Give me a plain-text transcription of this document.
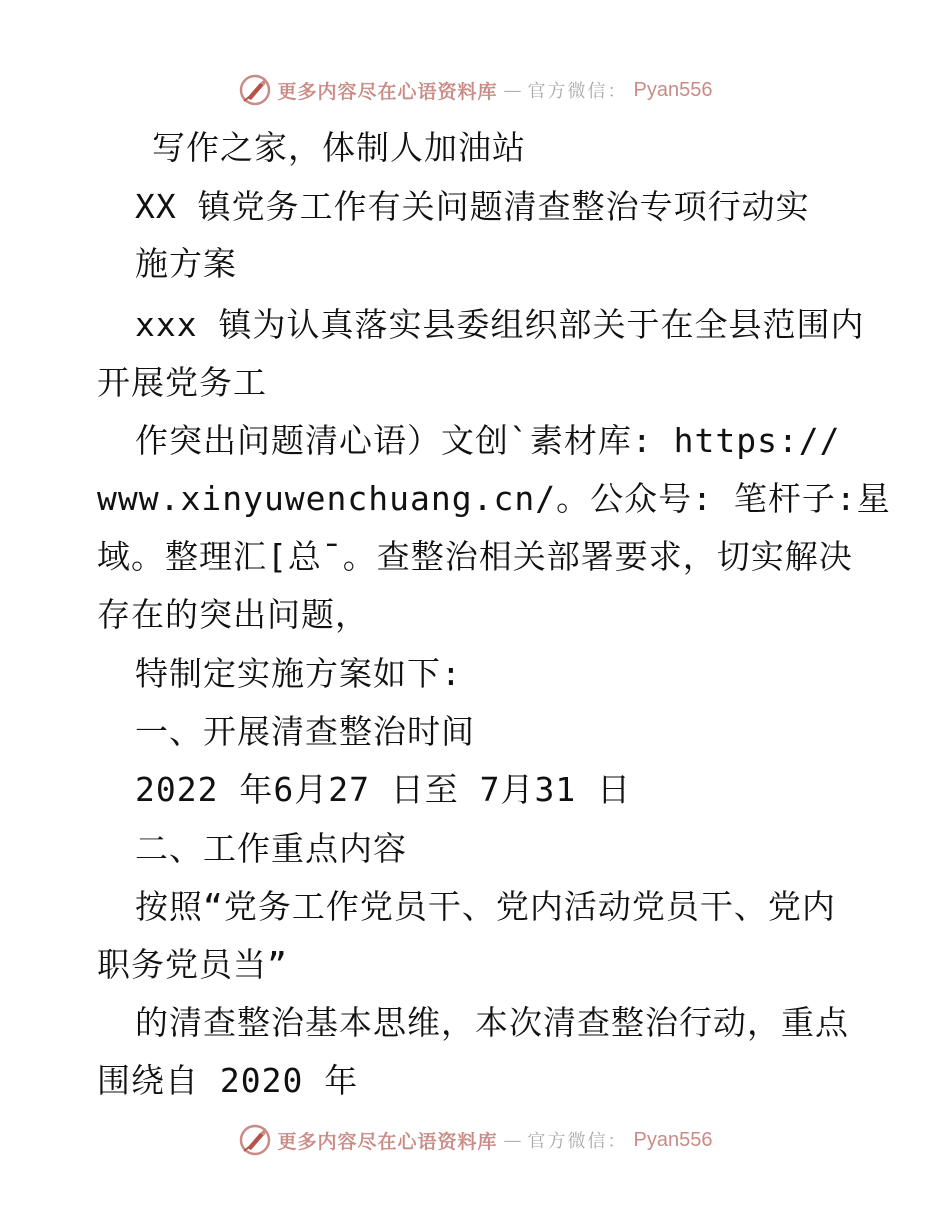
更多内容尽在心语资料库 — 官方微信： Pyan556
写作之家，体制人加油站
XX 镇党务工作有关问题清查整治专项行动实
施方案
xxx 镇为认真落实县委组织部关于在全县范围内
开展党务工
作突出问题清心语）文创`素材库: https://
www.xinyuwenchuang.cn/。公众号: 笔杆子:星
域。整理汇[总¯。查整治相关部署要求，切实解决
存在的突出问题，
特制定实施方案如下:
一、开展清查整治时间
2022 年6月27 日至 7月31 日
二、工作重点内容
按照“党务工作党员干、党内活动党员干、党内
职务党员当”
的清查整治基本思维，本次清查整治行动，重点
围绕自 2020 年
更多内容尽在心语资料库 — 官方微信： Pyan556
